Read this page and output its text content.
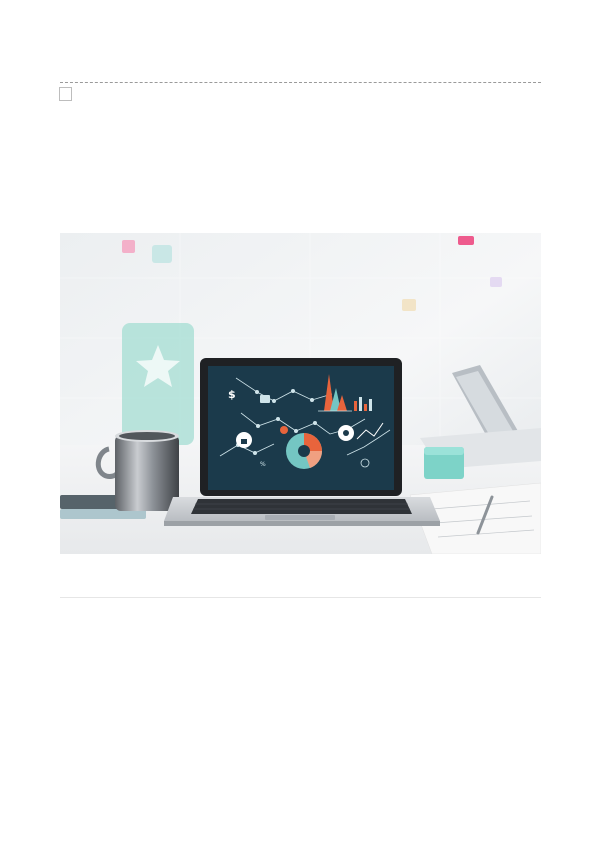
$
%
